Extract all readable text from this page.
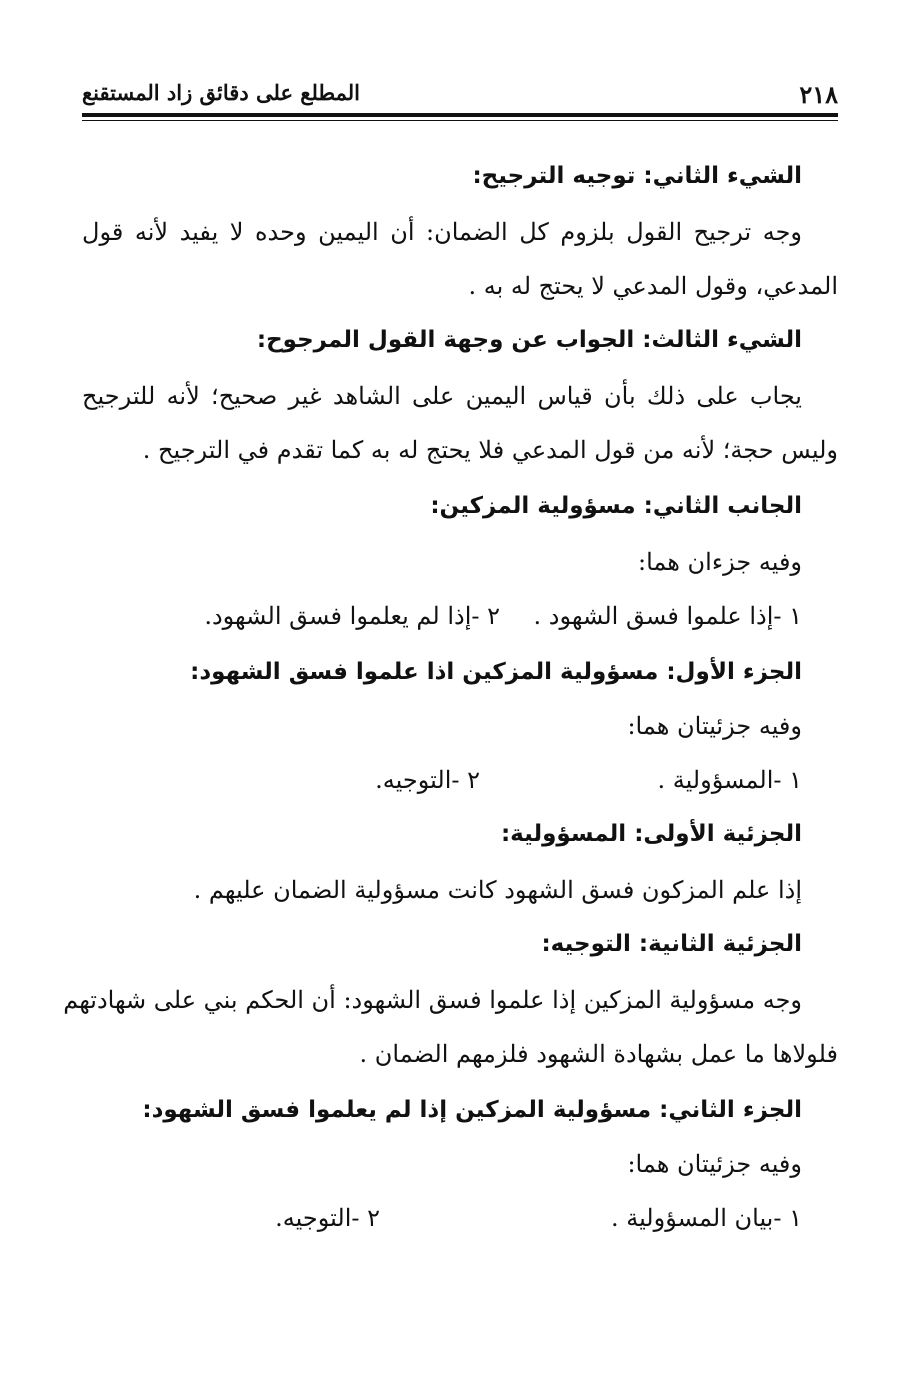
٢١٨
المطلع على دقائق زاد المستقنع
الشيء الثاني: توجيه الترجيح:
وجه ترجيح القول بلزوم كل الضمان: أن اليمين وحده لا يفيد لأنه قول
المدعي، وقول المدعي لا يحتج له به .
الشيء الثالث: الجواب عن وجهة القول المرجوح:
يجاب على ذلك بأن قياس اليمين على الشاهد غير صحيح؛ لأنه للترجيح
وليس حجة؛ لأنه من قول المدعي فلا يحتج له به كما تقدم في الترجيح .
الجانب الثاني: مسؤولية المزكين:
وفيه جزءان هما:
١ -إذا علموا فسق الشهود .
٢ -إذا لم يعلموا فسق الشهود.
الجزء الأول: مسؤولية المزكين اذا علموا فسق الشهود:
وفيه جزئيتان هما:
١ -المسؤولية .
٢ -التوجيه.
الجزئية الأولى: المسؤولية:
إذا علم المزكون فسق الشهود كانت مسؤولية الضمان عليهم .
الجزئية الثانية: التوجيه:
وجه مسؤولية المزكين إذا علموا فسق الشهود: أن الحكم بني على شهادتهم
فلولاها ما عمل بشهادة الشهود فلزمهم الضمان .
الجزء الثاني: مسؤولية المزكين إذا لم يعلموا فسق الشهود:
وفيه جزئيتان هما:
١ -بيان المسؤولية .
٢ -التوجيه.
